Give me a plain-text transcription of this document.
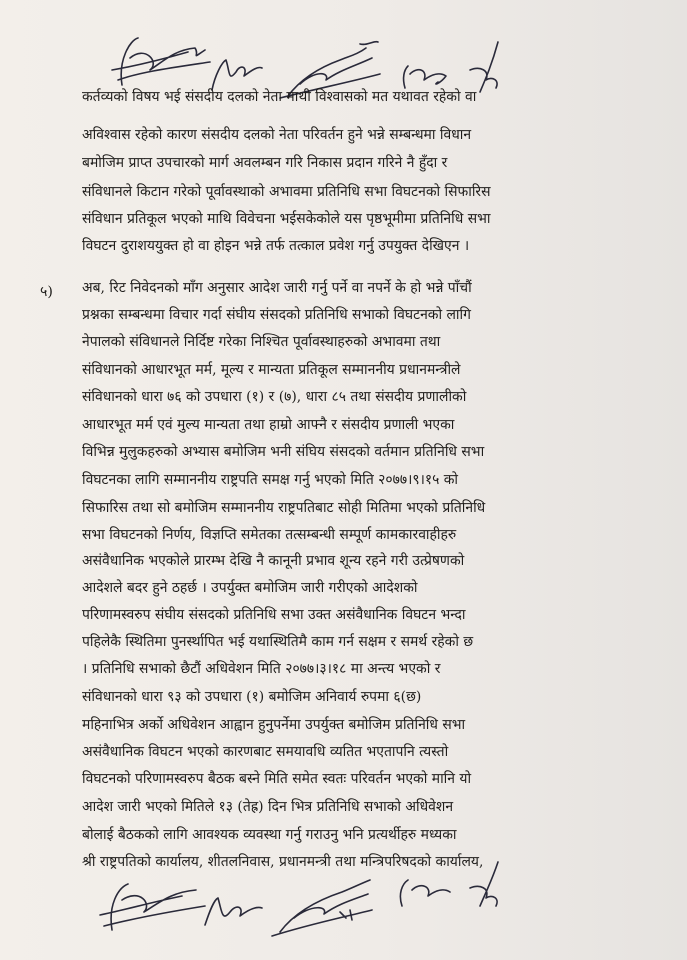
कर्तव्यको विषय भई संसदीय दलको नेता माथी विश्वासको मत यथावत रहेको वा
अविश्वास रहेको कारण संसदीय दलको नेता परिवर्तन हुने भन्ने सम्बन्धमा विधान
बमोजिम प्राप्त उपचारको मार्ग अवलम्बन गरि निकास प्रदान गरिने नै हुँदा र
संविधानले किटान गरेको पूर्वावस्थाको अभावमा प्रतिनिधि सभा विघटनको सिफारिस
संविधान प्रतिकूल भएको माथि विवेचना भईसकेकोले यस पृष्ठभूमीमा प्रतिनिधि सभा
विघटन दुराशययुक्त हो वा होइन भन्ने तर्फ तत्काल प्रवेश गर्नु उपयुक्त देखिएन ।
५) अब, रिट निवेदनको माँग अनुसार आदेश जारी गर्नु पर्ने वा नपर्ने के हो भन्ने पाँचौं
प्रश्नका सम्बन्धमा विचार गर्दा संघीय संसदको प्रतिनिधि सभाको विघटनको लागि
नेपालको संविधानले निर्दिष्ट गरेका निश्चित पूर्वावस्थाहरुको अभावमा तथा
संविधानको आधारभूत मर्म, मूल्य र मान्यता प्रतिकूल सम्माननीय प्रधानमन्त्रीले
संविधानको धारा ७६ को उपधारा (१) र (७), धारा ८५ तथा संसदीय प्रणालीको
आधारभूत मर्म एवं मुल्य मान्यता तथा हाम्रो आफ्नै र संसदीय प्रणाली भएका
विभिन्न मुलुकहरुको अभ्यास बमोजिम भनी संघिय संसदको वर्तमान प्रतिनिधि सभा
विघटनका लागि सम्माननीय राष्ट्रपति समक्ष गर्नु भएको मिति २०७७।९।१५ को
सिफारिस तथा सो बमोजिम सम्माननीय राष्ट्रपतिबाट सोही मितिमा भएको प्रतिनिधि
सभा विघटनको निर्णय, विज्ञप्ति समेतका तत्सम्बन्धी सम्पूर्ण कामकारवाहीहरु
असंवैधानिक भएकोले प्रारम्भ देखि नै कानूनी प्रभाव शून्य रहने गरी उत्प्रेषणको
आदेशले बदर हुने ठहर्छ । उपर्युक्त बमोजिम जारी गरीएको आदेशको
परिणामस्वरुप संघीय संसदको प्रतिनिधि सभा उक्त असंवैधानिक विघटन भन्दा
पहिलेकै स्थितिमा पुनर्स्थापित भई यथास्थितिमै काम गर्न सक्षम र समर्थ रहेको छ
। प्रतिनिधि सभाको छैटौं अधिवेशन मिति २०७७।३।१८ मा अन्त्य भएको र
संविधानको धारा ९३ को उपधारा (१) बमोजिम अनिवार्य रुपमा ६(छ)
महिनाभित्र अर्को अधिवेशन आह्वान हुनुपर्नेमा उपर्युक्त बमोजिम प्रतिनिधि सभा
असंवैधानिक विघटन भएको कारणबाट समयावधि व्यतित भएतापनि त्यस्तो
विघटनको परिणामस्वरुप बैठक बस्ने मिति समेत स्वतः परिवर्तन भएको मानि यो
आदेश जारी भएको मितिले १३ (तेह्र) दिन भित्र प्रतिनिधि सभाको अधिवेशन
बोलाई बैठकको लागि आवश्यक व्यवस्था गर्नु गराउनु भनि प्रत्यर्थीहरु मध्यका
श्री राष्ट्रपतिको कार्यालय, शीतलनिवास, प्रधानमन्त्री तथा मन्त्रिपरिषदको कार्यालय,
